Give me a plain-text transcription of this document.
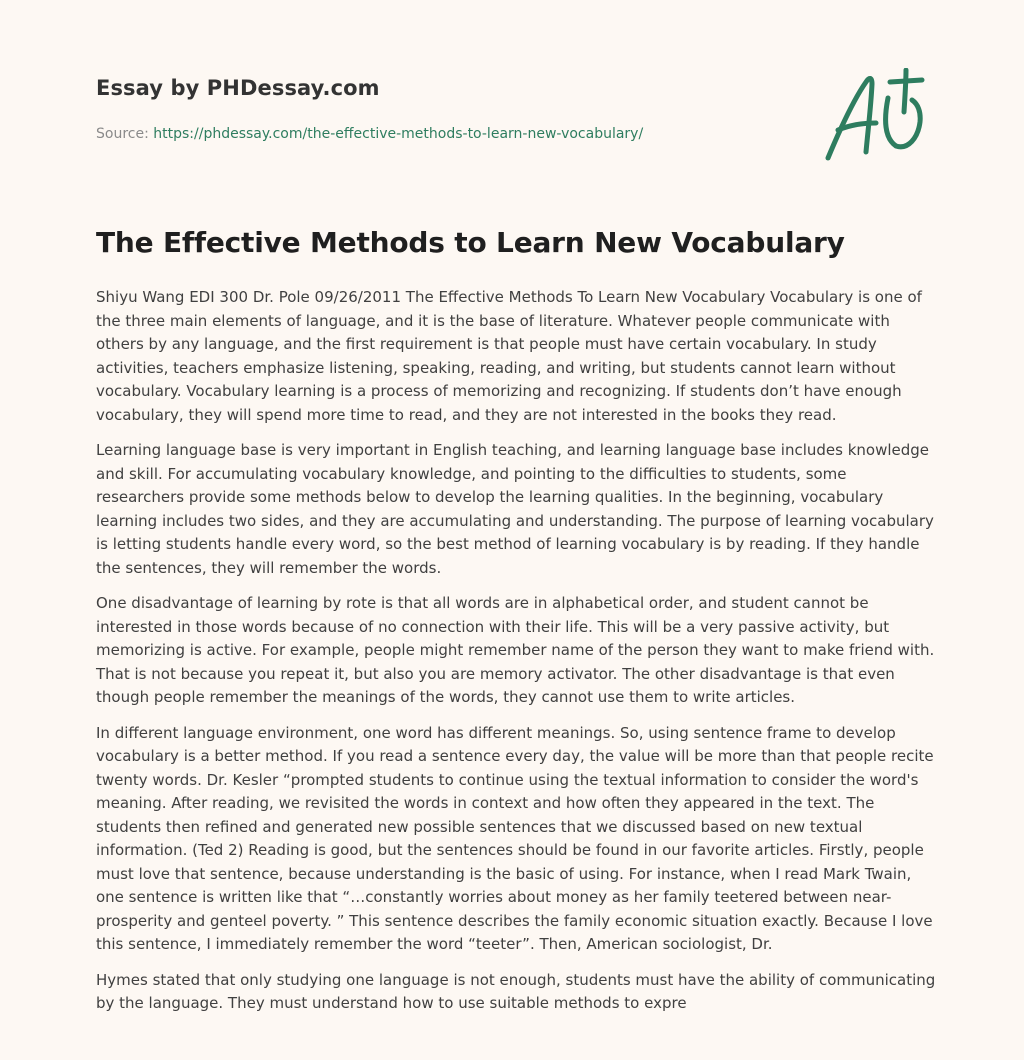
Essay by PHDessay.com
Source: https://phdessay.com/the-effective-methods-to-learn-new-vocabulary/
The Effective Methods to Learn New Vocabulary

Shiyu Wang EDI 300 Dr. Pole 09/26/2011 The Effective Methods To Learn New Vocabulary Vocabulary is one of the three main elements of language, and it is the base of literature. Whatever people communicate with others by any language, and the first requirement is that people must have certain vocabulary. In study activities, teachers emphasize listening, speaking, reading, and writing, but students cannot learn without vocabulary. Vocabulary learning is a process of memorizing and recognizing. If students don’t have enough vocabulary, they will spend more time to read, and they are not interested in the books they read.

Learning language base is very important in English teaching, and learning language base includes knowledge and skill. For accumulating vocabulary knowledge, and pointing to the difficulties to students, some researchers provide some methods below to develop the learning qualities. In the beginning, vocabulary learning includes two sides, and they are accumulating and understanding. The purpose of learning vocabulary is letting students handle every word, so the best method of learning vocabulary is by reading. If they handle the sentences, they will remember the words.

One disadvantage of learning by rote is that all words are in alphabetical order, and student cannot be interested in those words because of no connection with their life. This will be a very passive activity, but memorizing is active. For example, people might remember name of the person they want to make friend with. That is not because you repeat it, but also you are memory activator. The other disadvantage is that even though people remember the meanings of the words, they cannot use them to write articles.

In different language environment, one word has different meanings. So, using sentence frame to develop vocabulary is a better method. If you read a sentence every day, the value will be more than that people recite twenty words. Dr. Kesler “prompted students to continue using the textual information to consider the word's meaning. After reading, we revisited the words in context and how often they appeared in the text. The students then refined and generated new possible sentences that we discussed based on new textual information. (Ted 2) Reading is good, but the sentences should be found in our favorite articles. Firstly, people must love that sentence, because understanding is the basic of using. For instance, when I read Mark Twain, one sentence is written like that “…constantly worries about money as her family teetered between near-prosperity and genteel poverty. ” This sentence describes the family economic situation exactly. Because I love this sentence, I immediately remember the word “teeter”. Then, American sociologist, Dr.

Hymes stated that only studying one language is not enough, students must have the ability of communicating by the language. They must understand how to use suitable methods to expre
